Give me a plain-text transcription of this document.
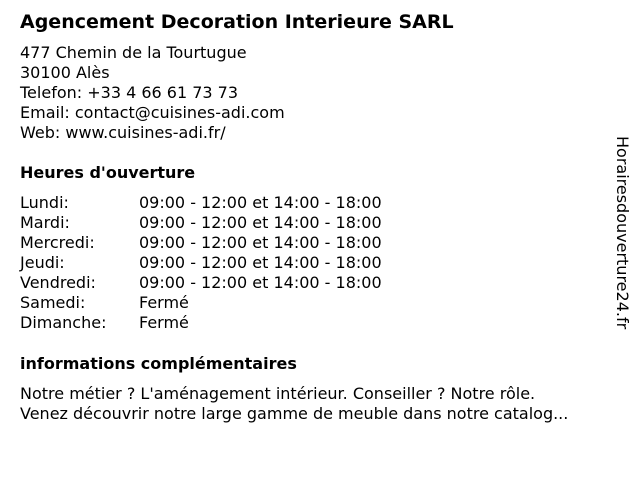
Agencement Decoration Interieure SARL
477 Chemin de la Tourtugue
30100 Alès
Telefon: +33 4 66 61 73 73
Email: contact@cuisines-adi.com
Web: www.cuisines-adi.fr/
Heures d'ouverture
Lundi:	09:00 - 12:00 et 14:00 - 18:00
Mardi:	09:00 - 12:00 et 14:00 - 18:00
Mercredi:	09:00 - 12:00 et 14:00 - 18:00
Jeudi:	09:00 - 12:00 et 14:00 - 18:00
Vendredi:	09:00 - 12:00 et 14:00 - 18:00
Samedi:	Fermé
Dimanche: Fermé
informations complémentaires
Notre métier ? L'aménagement intérieur. Conseiller ? Notre rôle.
Venez découvrir notre large gamme de meuble dans notre catalog...
Horairesdouverture24.fr
